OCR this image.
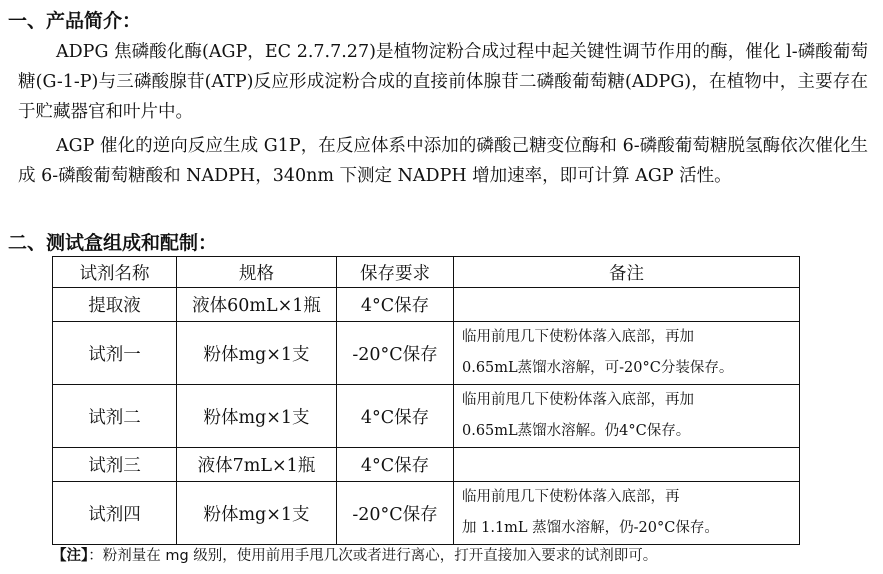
一、产品简介：

ADPG 焦磷酸化酶(AGP，EC 2.7.7.27)是植物淀粉合成过程中起关键性调节作用的酶，催化 l-磷酸葡萄糖(G-1-P)与三磷酸腺苷(ATP)反应形成淀粉合成的直接前体腺苷二磷酸葡萄糖(ADPG)，在植物中，主要存在于贮藏器官和叶片中。

AGP 催化的逆向反应生成 G1P，在反应体系中添加的磷酸己糖变位酶和 6-磷酸葡萄糖脱氢酶依次催化生成 6-磷酸葡萄糖酸和 NADPH，340nm 下测定 NADPH 增加速率，即可计算 AGP 活性。

二、测试盒组成和配制：
试剂名称	规格	保存要求	备注
提取液	液体60mL×1瓶	4°C保存	
试剂一	粉体mg×1支	-20°C保存	临用前甩几下使粉体落入底部，再加
0.65mL蒸馏水溶解，可-20°C分装保存。

试剂二	粉体mg×1支	4°C保存	临用前甩几下使粉体落入底部，再加
0.65mL蒸馏水溶解。仍4°C保存。

试剂三	液体7mL×1瓶	4°C保存	
试剂四	粉体mg×1支	-20°C保存	临用前甩几下使粉体落入底部，再
加 1.1mL 蒸馏水溶解，仍-20°C保存。
【注】：粉剂量在 mg 级别，使用前用手甩几次或者进行离心，打开直接加入要求的试剂即可。
